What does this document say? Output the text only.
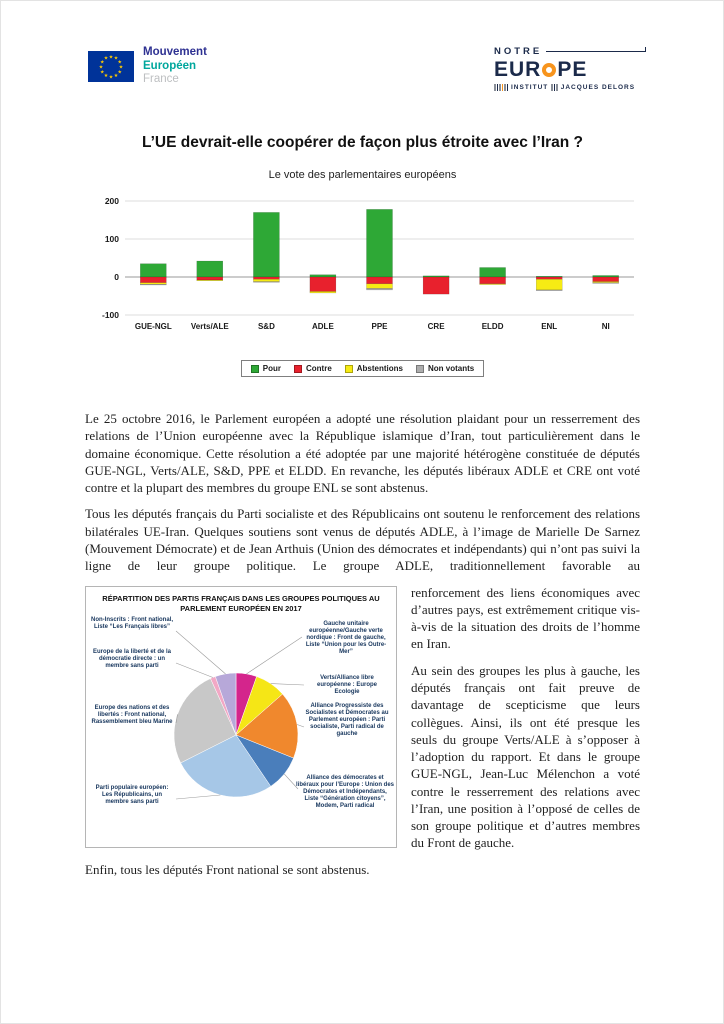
★ ★
★
★
★
★
★
★
★
★
★
★
Mouvement
Européen
France
NOTRE
EUR PE
INSTITUT JACQUES DELORS
L’UE devrait-elle coopérer de façon plus étroite avec l’Iran ?
Le vote des parlementaires européens
-100
0
100
200
GUE-NGL Verts/ALE	S&D	ADLE	PPE	CRE	ELDD	ENL	NI
Pour	Contre	Abstentions	Non votants

Le 25 octobre 2016, le Parlement européen a adopté une résolution plaidant pour un resserrement des relations de l’Union européenne avec la République islamique d’Iran, tout particulièrement dans le domaine économique. Cette résolution a été adoptée par une majorité hétérogène constituée de députés GUE-NGL, Verts/ALE, S&D, PPE et ELDD. En revanche, les députés libéraux ADLE et CRE ont voté contre et la plupart des membres du groupe ENL se sont abstenus.

Tous les députés français du Parti socialiste et des Républicains ont soutenu le renforcement des relations bilatérales UE-Iran. Quelques soutiens sont venus de députés ADLE, à l’image de Marielle De Sarnez (Mouvement Démocrate) et de Jean Arthuis (Union des démocrates et indépendants) qui n’ont pas suivi la ligne de leur groupe politique. Le groupe ADLE, traditionnellement favorable au

RÉPARTITION DES PARTIS FRANÇAIS DANS LES GROUPES POLITIQUES AU PARLEMENT EUROPÉEN EN 2017
Gauche unitaire européenne/Gauche verte nordique : Front de gauche, Liste “Union pour les Outre-Mer”
Verts/Alliance libre européenne : Europe Ecologie
Alliance Progressiste des Socialistes et Démocrates au Parlement européen : Parti socialiste, Parti radical de gauche
Alliance des démocrates et libéraux pour l’Europe : Union des Démocrates et Indépendants, Liste “Génération citoyens”, Modem, Parti radical
Parti populaire européen: Les Républicains, un membre sans parti
Europe des nations et des libertés : Front national, Rassemblement bleu Marine
Europe de la liberté et de la démocratie directe : un membre sans parti
Non-Inscrits : Front national, Liste “Les Français libres”

renforcement des liens économiques avec d’autres pays, est extrêmement critique vis-à-vis de la situation des droits de l’homme en Iran.

Au sein des groupes les plus à gauche, les députés français ont fait preuve de davantage de scepticisme que leurs collègues. Ainsi, ils ont été presque les seuls du groupe Verts/ALE à s’opposer à l’adoption du rapport. Et dans le groupe GUE-NGL, Jean-Luc Mélenchon a voté contre le resserrement des relations avec l’Iran, une position à l’opposé de celles de son groupe politique et d’autres membres du Front de gauche.

Enfin, tous les députés Front national se sont abstenus.
